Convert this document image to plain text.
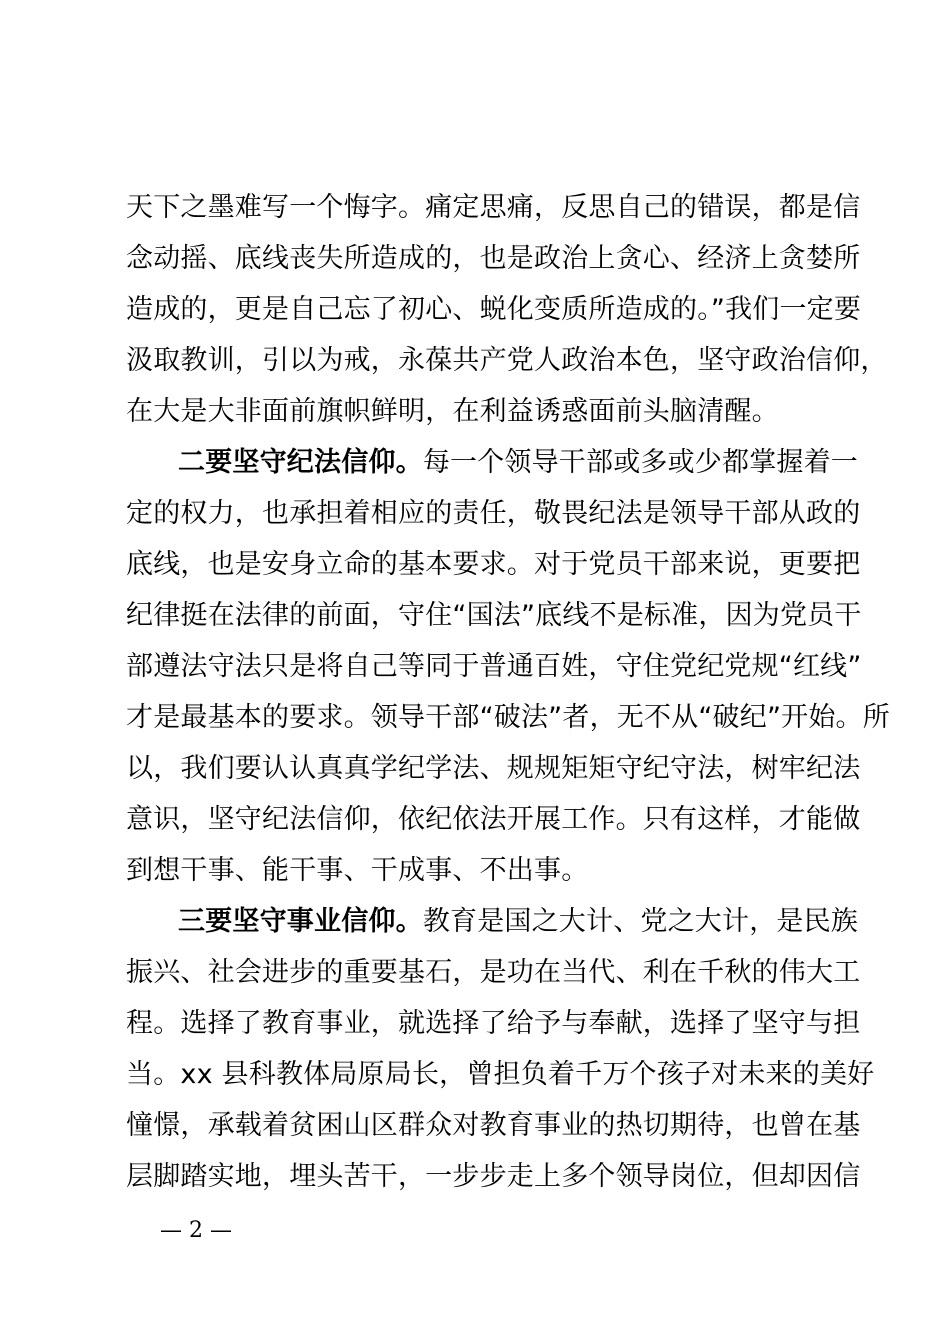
天下之墨难写一个悔字。痛定思痛，反思自己的错误，都是信
念动摇、底线丧失所造成的，也是政治上贪心、经济上贪婪所
造成的，更是自己忘了初心、蜕化变质所造成的。”我们一定要
汲取教训，引以为戒，永葆共产党人政治本色，坚守政治信仰，
在大是大非面前旗帜鲜明，在利益诱惑面前头脑清醒。
二要坚守纪法信仰。每一个领导干部或多或少都掌握着一
定的权力，也承担着相应的责任，敬畏纪法是领导干部从政的
底线，也是安身立命的基本要求。对于党员干部来说，更要把
纪律挺在法律的前面，守住“国法”底线不是标准，因为党员干
部遵法守法只是将自己等同于普通百姓，守住党纪党规“红线”
才是最基本的要求。领导干部“破法”者，无不从“破纪”开始。所
以，我们要认认真真学纪学法、规规矩矩守纪守法，树牢纪法
意识，坚守纪法信仰，依纪依法开展工作。只有这样，才能做
到想干事、能干事、干成事、不出事。
三要坚守事业信仰。教育是国之大计、党之大计，是民族
振兴、社会进步的重要基石，是功在当代、利在千秋的伟大工
程。选择了教育事业，就选择了给予与奉献，选择了坚守与担
当。xx 县科教体局原局长，曾担负着千万个孩子对未来的美好
憧憬，承载着贫困山区群众对教育事业的热切期待，也曾在基
层脚踏实地，埋头苦干，一步步走上多个领导岗位，但却因信
— 2 —
